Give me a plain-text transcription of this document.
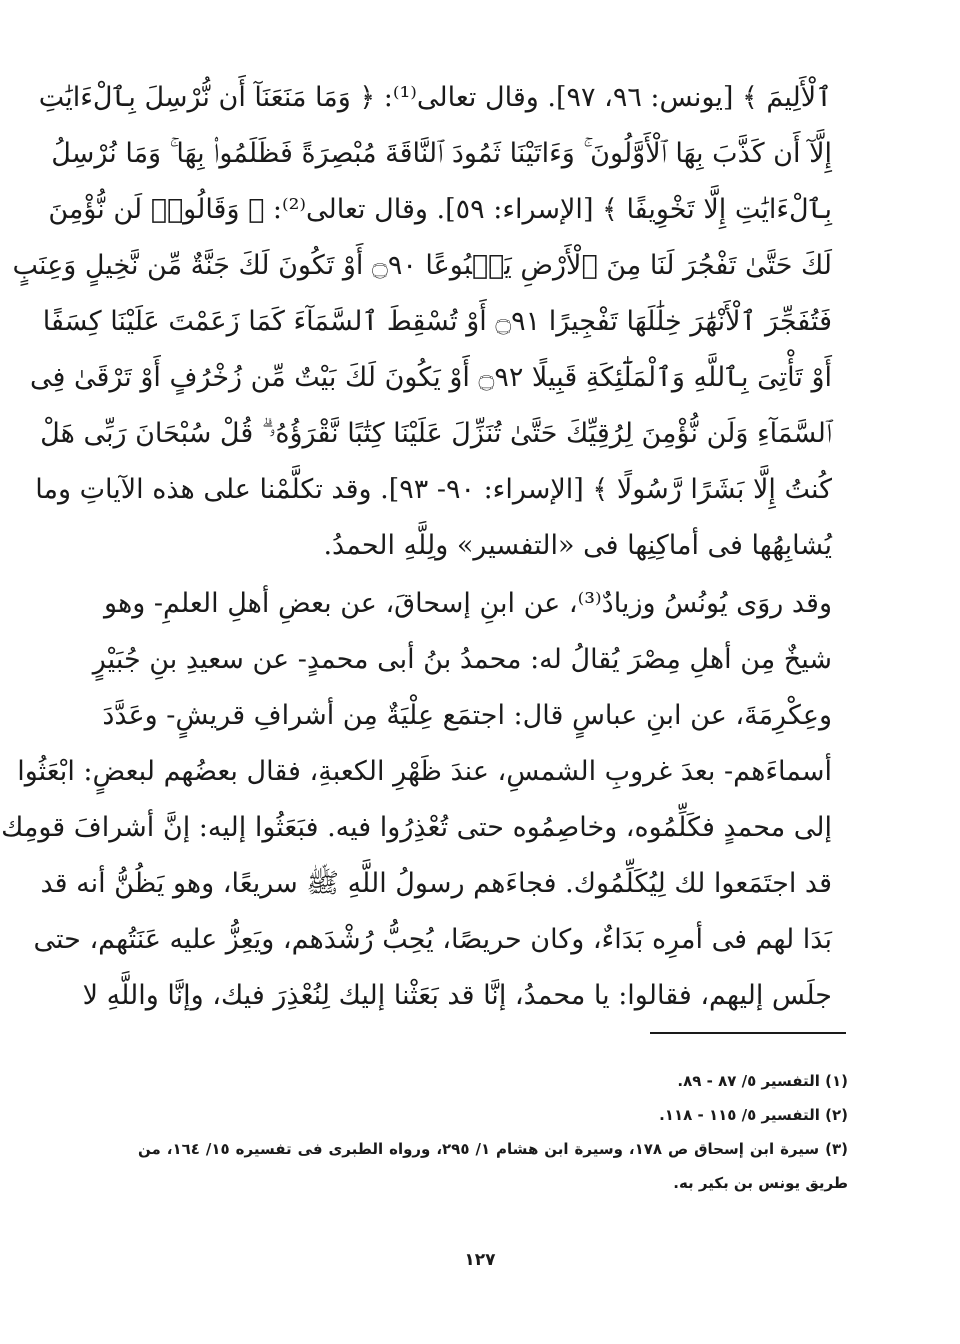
ٱلْأَلِيمَ ﴾ [يونس: ٩٦، ٩٧]. وقال تعالى⁽¹⁾: ﴿ وَمَا مَنَعَنَآ أَن نُّرْسِلَ بِٱلْءَايَٰتِ
إِلَّآ أَن كَذَّبَ بِهَا ٱلْأَوَّلُونَ ۚ وَءَاتَيْنَا ثَمُودَ ٱلنَّاقَةَ مُبْصِرَةً فَظَلَمُوا۟ بِهَا ۚ وَمَا نُرْسِلُ
بِٱلْءَايَٰتِ إِلَّا تَخْوِيفًا ﴾ [الإسراء: ٥٩]. وقال تعالى⁽²⁾: ﴿ وَقَالُوا۟ لَن نُّؤْمِنَ
لَكَ حَتَّىٰ تَفْجُرَ لَنَا مِنَ ٱلْأَرْضِ يَنۢبُوعًا ۝٩٠ أَوْ تَكُونَ لَكَ جَنَّةٌ مِّن نَّخِيلٍ وَعِنَبٍ
فَتُفَجِّرَ ٱلْأَنْهَٰرَ خِلَٰلَهَا تَفْجِيرًا ۝٩١ أَوْ تُسْقِطَ ٱلسَّمَآءَ كَمَا زَعَمْتَ عَلَيْنَا كِسَفًا
أَوْ تَأْتِىَ بِٱللَّهِ وَٱلْمَلَٰٓئِكَةِ قَبِيلًا ۝٩٢ أَوْ يَكُونَ لَكَ بَيْتٌ مِّن زُخْرُفٍ أَوْ تَرْقَىٰ فِى
ٱلسَّمَآءِ وَلَن نُّؤْمِنَ لِرُقِيِّكَ حَتَّىٰ تُنَزِّلَ عَلَيْنَا كِتَٰبًا نَّقْرَؤُهُۥ ۗ قُلْ سُبْحَانَ رَبِّى هَلْ
كُنتُ إِلَّا بَشَرًا رَّسُولًا ﴾ [الإسراء: ٩٠- ٩٣]. وقد تكلَّمْنا على هذه الآياتِ وما
يُشابِهُها فى أماكِنِها فى «التفسير» ولِلَّهِ الحمدُ.
وقد روَى يُونُسُ وزيادٌ⁽³⁾، عن ابنِ إسحاقَ، عن بعضِ أهلِ العلمِ- وهو
شيخٌ مِن أهلِ مِصْرَ يُقالُ له: محمدُ بنُ أبى محمدٍ- عن سعيدِ بنِ جُبَيْرٍ
وعِكْرِمَةَ، عن ابنِ عباسٍ قال: اجتمَع عِلْيَةٌ مِن أشرافِ قريشٍ- وعَدَّدَ
أسماءَهم- بعدَ غروبِ الشمسِ، عندَ ظَهْرِ الكعبةِ، فقال بعضُهم لبعضٍ: ابْعَثُوا
إلى محمدٍ فكَلِّمُوه، وخاصِمُوه حتى تُعْذِرُوا فيه. فبَعَثُوا إليه: إنَّ أشرافَ قومِك
قد اجتَمَعوا لك لِيُكَلِّمُوك. فجاءَهم رسولُ اللَّهِ ﷺ سريعًا، وهو يَظُنُّ أنه قد
بَدَا لهم فى أمرِه بَدَاءٌ، وكان حريصًا، يُحِبُّ رُشْدَهم، ويَعِزُّ عليه عَنَتُهم، حتى
جلَس إليهم، فقالوا: يا محمدُ، إنَّا قد بَعَثْنا إليك لِنُعْذِرَ فيك، وإنَّا واللَّهِ لا
(١) التفسير ٥/ ٨٧ - ٨٩.
(٢) التفسير ٥/ ١١٥ - ١١٨.
(٣) سيرة ابن إسحاق ص ١٧٨، وسيرة ابن هشام ١/ ٢٩٥، ورواه الطبرى فى تفسيره ١٥/ ١٦٤، من
طريق يونس بن بكير به.
١٢٧
